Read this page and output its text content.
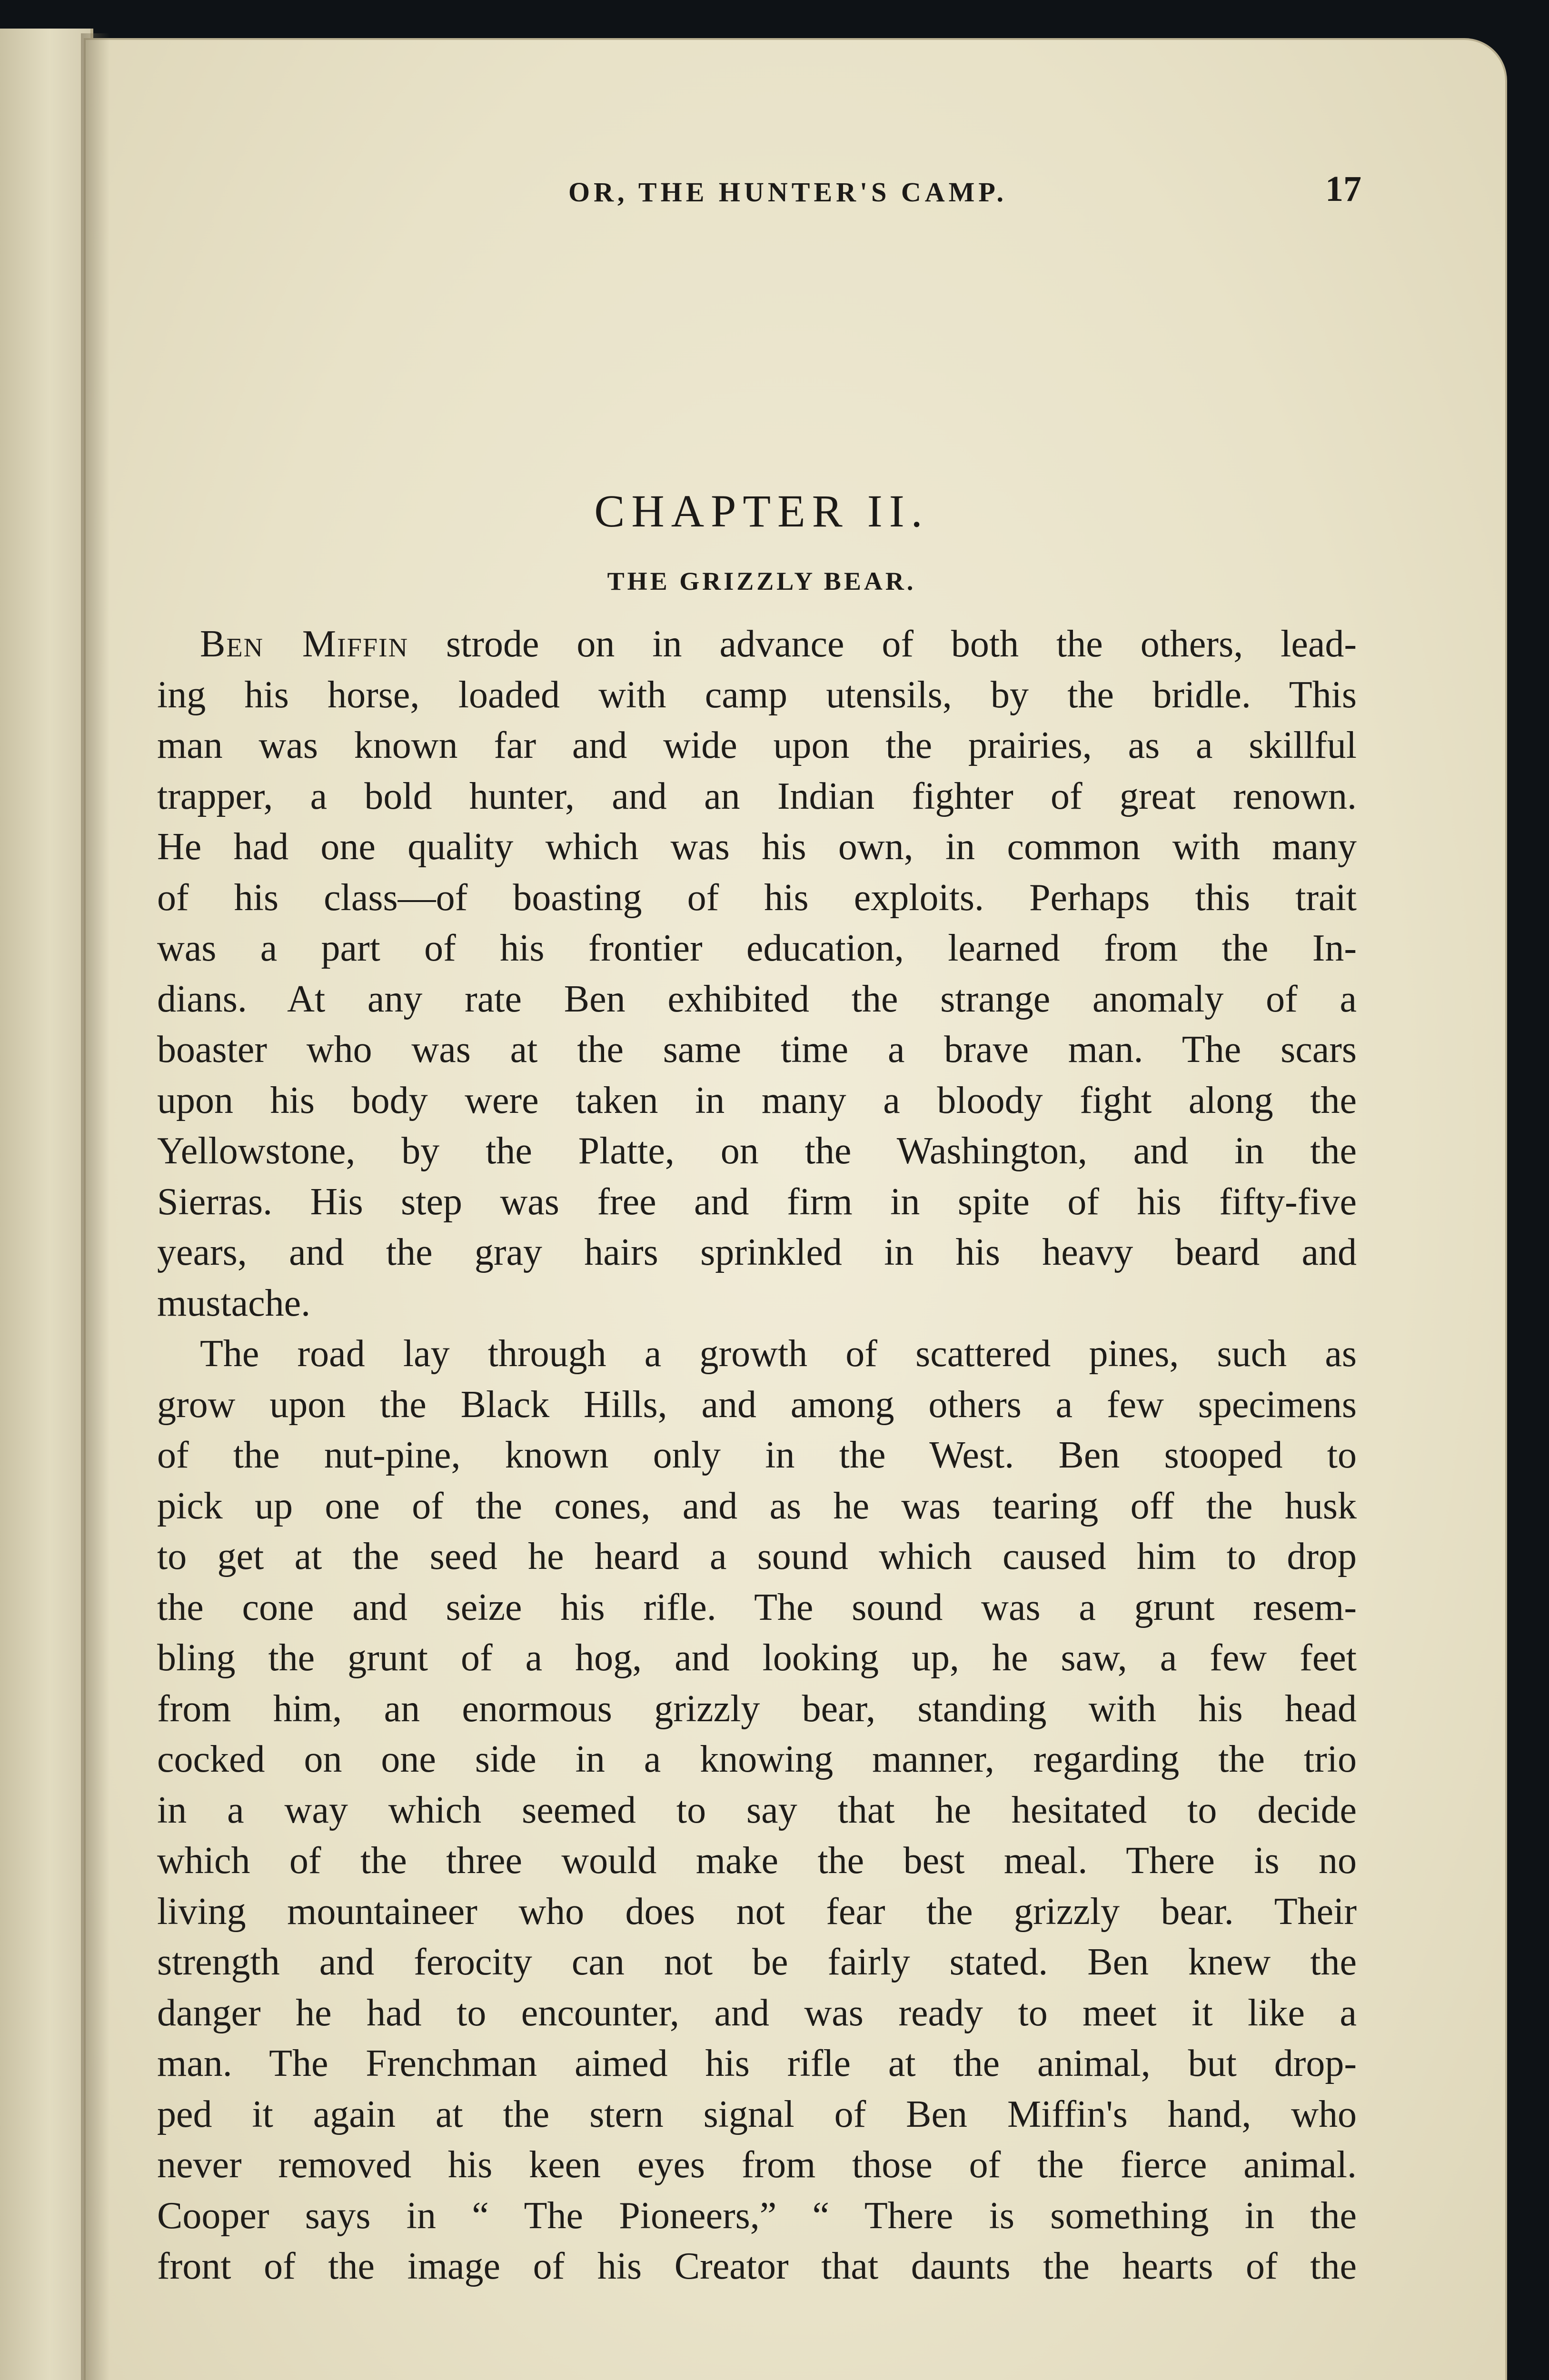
OR, THE HUNTER'S CAMP.	17
CHAPTER II.
THE GRIZZLY BEAR.
Ben Miffin strode on in advance of both the others, lead-
ing his horse, loaded with camp utensils, by the bridle. This
man was known far and wide upon the prairies, as a skillful
trapper, a bold hunter, and an Indian fighter of great renown.
He had one quality which was his own, in common with many
of his class—of boasting of his exploits. Perhaps this trait
was a part of his frontier education, learned from the In-
dians. At any rate Ben exhibited the strange anomaly of a
boaster who was at the same time a brave man. The scars
upon his body were taken in many a bloody fight along the
Yellowstone, by the Platte, on the Washington, and in the
Sierras. His step was free and firm in spite of his fifty-five
years, and the gray hairs sprinkled in his heavy beard and
mustache.
The road lay through a growth of scattered pines, such as
grow upon the Black Hills, and among others a few specimens
of the nut-pine, known only in the West. Ben stooped to
pick up one of the cones, and as he was tearing off the husk
to get at the seed he heard a sound which caused him to drop
the cone and seize his rifle. The sound was a grunt resem-
bling the grunt of a hog, and looking up, he saw, a few feet
from him, an enormous grizzly bear, standing with his head
cocked on one side in a knowing manner, regarding the trio
in a way which seemed to say that he hesitated to decide
which of the three would make the best meal. There is no
living mountaineer who does not fear the grizzly bear. Their
strength and ferocity can not be fairly stated. Ben knew the
danger he had to encounter, and was ready to meet it like a
man. The Frenchman aimed his rifle at the animal, but drop-
ped it again at the stern signal of Ben Miffin's hand, who
never removed his keen eyes from those of the fierce animal.
Cooper says in “ The Pioneers,” “ There is something in the
front of the image of his Creator that daunts the hearts of the
